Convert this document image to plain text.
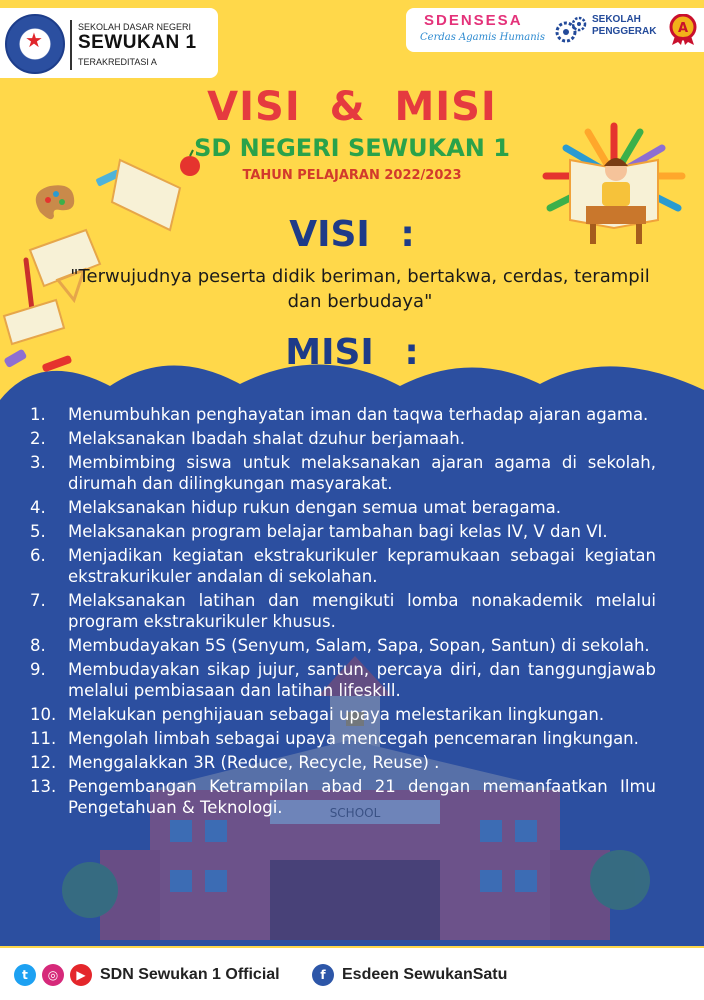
★
SEKOLAH DASAR NEGERI
SEWUKAN 1
TERAKREDITASI A
SDENSESA
Cerdas Agamis Humanis
SEKOLAH
PENGGERAK A
VISI & MISI
SD NEGERI SEWUKAN 1
TAHUN PELAJARAN 2022/2023
VISI :
"Terwujudnya peserta didik beriman, bertakwa, cerdas, terampil dan berbudaya"
SCHOOL
MISI :
1.	Menumbuhkan penghayatan iman dan taqwa terhadap ajaran agama.
2.	Melaksanakan Ibadah shalat dzuhur berjamaah.
3.	Membimbing siswa untuk melaksanakan ajaran agama di sekolah, dirumah dan dilingkungan masyarakat.
4.	Melaksanakan hidup rukun dengan semua umat beragama.
5.	Melaksanakan program belajar tambahan bagi kelas IV, V dan VI.
6.	Menjadikan kegiatan ekstrakurikuler kepramukaan sebagai kegiatan ekstrakurikuler andalan di sekolahan.
7.	Melaksanakan latihan dan mengikuti lomba nonakademik melalui program ekstrakurikuler khusus.
8.	Membudayakan 5S (Senyum, Salam, Sapa, Sopan, Santun) di sekolah.
9.	Membudayakan sikap jujur, santun, percaya diri, dan tanggungjawab melalui pembiasaan dan latihan lifeskill.
10. Melakukan penghijauan sebagai upaya melestarikan lingkungan.
11. Mengolah limbah sebagai upaya mencegah pencemaran lingkungan.
12. Menggalakkan 3R (Reduce, Recycle, Reuse) .
13. Pengembangan Ketrampilan abad 21 dengan memanfaatkan Ilmu Pengetahuan & Teknologi.
t	◎	▶ SDN Sewukan 1 Official	f	Esdeen SewukanSatu
